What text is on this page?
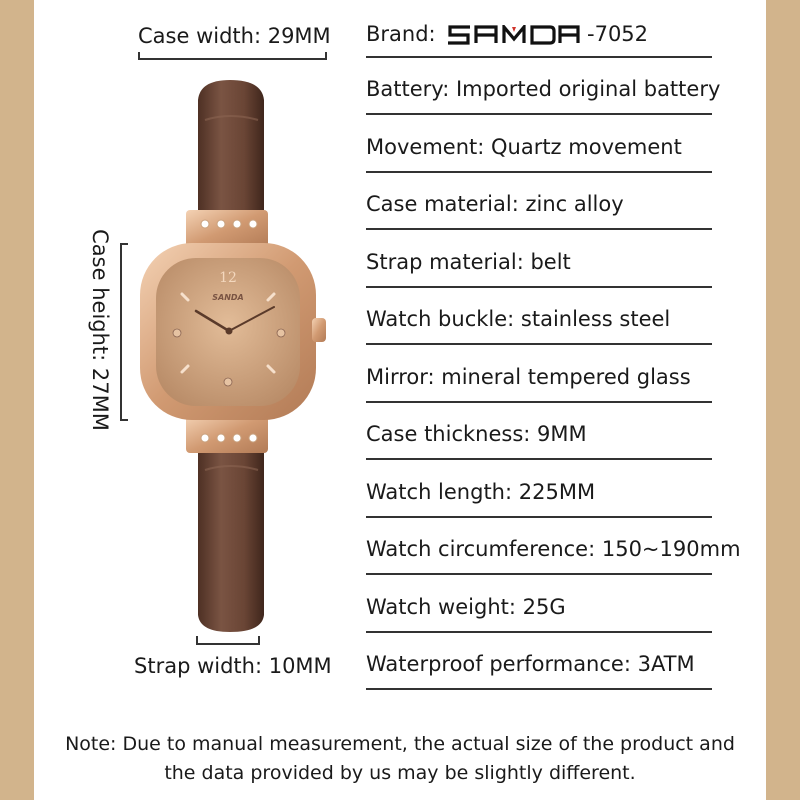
Case width: 29MM
Case height: 27MM
Strap width: 10MM
12
SANDA
Brand:	-7052
Battery: Imported original battery
Movement: Quartz movement
Case material: zinc alloy
Strap material: belt
Watch buckle: stainless steel
Mirror: mineral tempered glass
Case thickness: 9MM
Watch length: 225MM
Watch circumference: 150~190mm
Watch weight: 25G
Waterproof performance: 3ATM
Note: Due to manual measurement, the actual size of the product and
the data provided by us may be slightly different.
